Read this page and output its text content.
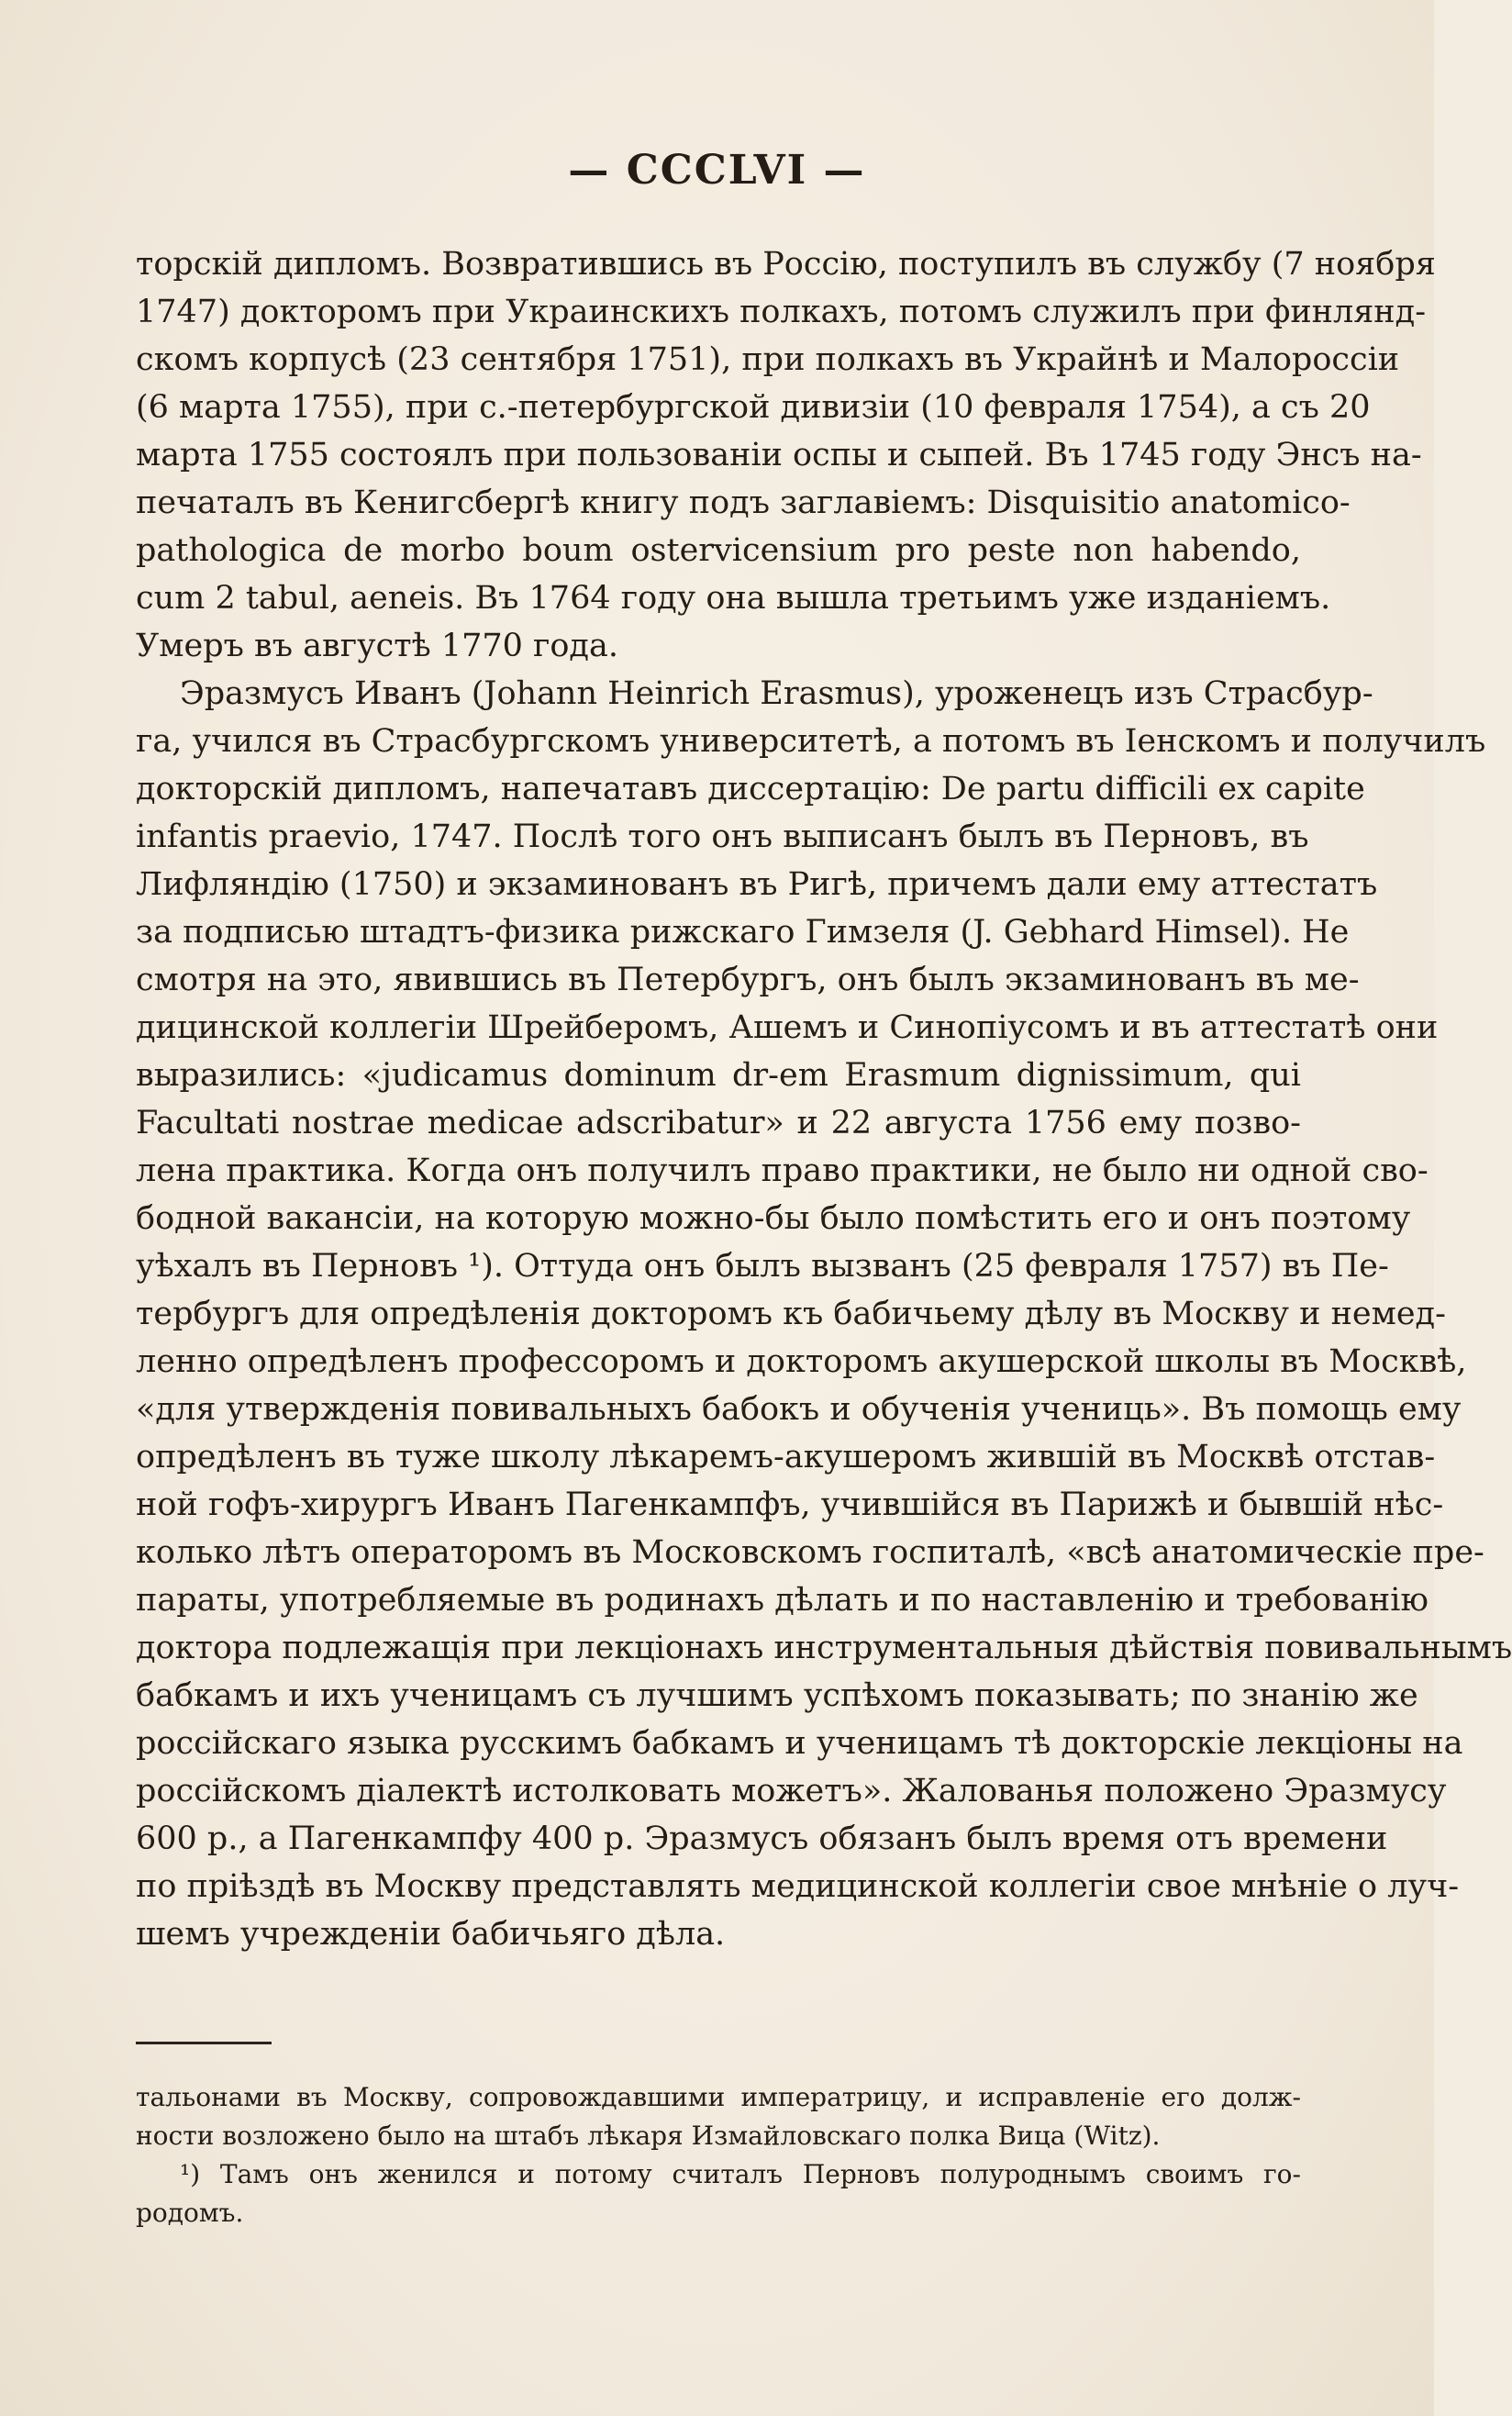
— CCCLVI —
торскій дипломъ. Возвратившись въ Россію, поступилъ въ службу (7 ноября
1747) докторомъ при Украинскихъ полкахъ, потомъ служилъ при финлянд-
скомъ корпусѣ (23 сентября 1751), при полкахъ въ Украйнѣ и Малороссіи
(6 марта 1755), при с.-петербургской дивизіи (10 февраля 1754), а съ 20
марта 1755 состоялъ при пользованіи оспы и сыпей. Въ 1745 году Энсъ на-
печаталъ въ Кенигсбергѣ книгу подъ заглавіемъ: Disquisitio anatomico-
pathologica de morbo boum ostervicensium pro peste non habendo,
cum 2 tabul, aeneis. Въ 1764 году она вышла третьимъ уже изданіемъ.
Умеръ въ августѣ 1770 года.
Эразмусъ Иванъ (Johann Heinrich Erasmus), уроженецъ изъ Страсбур-
га, учился въ Страсбургскомъ университетѣ, а потомъ въ Іенскомъ и получилъ
докторскій дипломъ, напечатавъ диссертацію: De partu difficili ex capite
infantis praevio, 1747. Послѣ того онъ выписанъ былъ въ Перновъ, въ
Лифляндію (1750) и экзаминованъ въ Ригѣ, причемъ дали ему аттестатъ
за подписью штадтъ-физика рижскаго Гимзеля (J. Gebhard Himsel). Не
смотря на это, явившись въ Петербургъ, онъ былъ экзаминованъ въ ме-
дицинской коллегіи Шрейберомъ, Ашемъ и Синопіусомъ и въ аттестатѣ они
выразились: «judicamus dominum dr-em Erasmum dignissimum, qui
Facultati nostrae medicae adscribatur» и 22 августа 1756 ему позво-
лена практика. Когда онъ получилъ право практики, не было ни одной сво-
бодной вакансіи, на которую можно-бы было помѣстить его и онъ поэтому
уѣхалъ въ Перновъ ¹). Оттуда онъ былъ вызванъ (25 февраля 1757) въ Пе-
тербургъ для опредѣленія докторомъ къ бабичьему дѣлу въ Москву и немед-
ленно опредѣленъ профессоромъ и докторомъ акушерской школы въ Москвѣ,
«для утвержденія повивальныхъ бабокъ и обученія учениць». Въ помощь ему
опредѣленъ въ туже школу лѣкаремъ-акушеромъ жившій въ Москвѣ отстав-
ной гофъ-хирургъ Иванъ Пагенкампфъ, учившійся въ Парижѣ и бывшій нѣс-
колько лѣтъ операторомъ въ Московскомъ госпиталѣ, «всѣ анатомическіе пре-
параты, употребляемые въ родинахъ дѣлать и по наставленію и требованію
доктора подлежащія при лекціонахъ инструментальныя дѣйствія повивальнымъ
бабкамъ и ихъ ученицамъ съ лучшимъ успѣхомъ показывать; по знанію же
россійскаго языка русскимъ бабкамъ и ученицамъ тѣ докторскіе лекціоны на
россійскомъ діалектѣ истолковать можетъ». Жалованья положено Эразмусу
600 р., а Пагенкампфу 400 р. Эразмусъ обязанъ былъ время отъ времени
по пріѣздѣ въ Москву представлять медицинской коллегіи свое мнѣніе о луч-
шемъ учрежденіи бабичьяго дѣла.
тальонами въ Москву, сопровождавшими императрицу, и исправленіе его долж-
ности возложено было на штабъ лѣкаря Измайловскаго полка Вица (Witz).
¹) Тамъ онъ женился и потому считалъ Перновъ полуроднымъ своимъ го-
родомъ.
